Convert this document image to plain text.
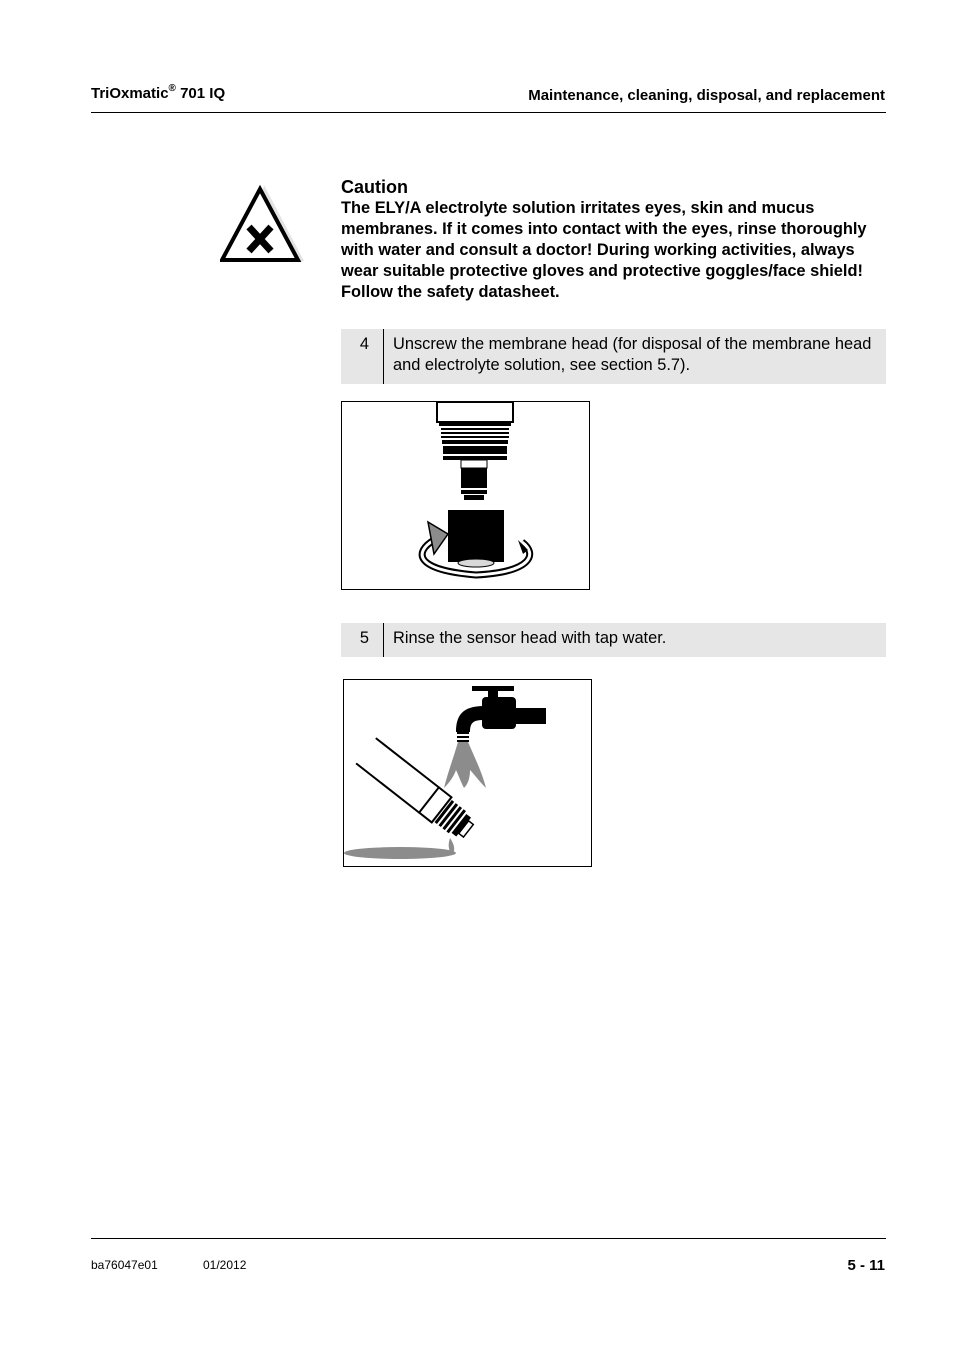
TriOxmatic® 701 IQ	Maintenance, cleaning, disposal, and replacement
Caution
The ELY/A electrolyte solution irritates eyes, skin and mucus membranes. If it comes into contact with the eyes, rinse thoroughly with water and consult a doctor! During working activities, always wear suitable protective gloves and protective goggles/face shield! Follow the safety datasheet.
4	Unscrew the membrane head (for disposal of the membrane head and electrolyte solution, see section 5.7).
5	Rinse the sensor head with tap water.
ba76047e01	01/2012	5 - 11
